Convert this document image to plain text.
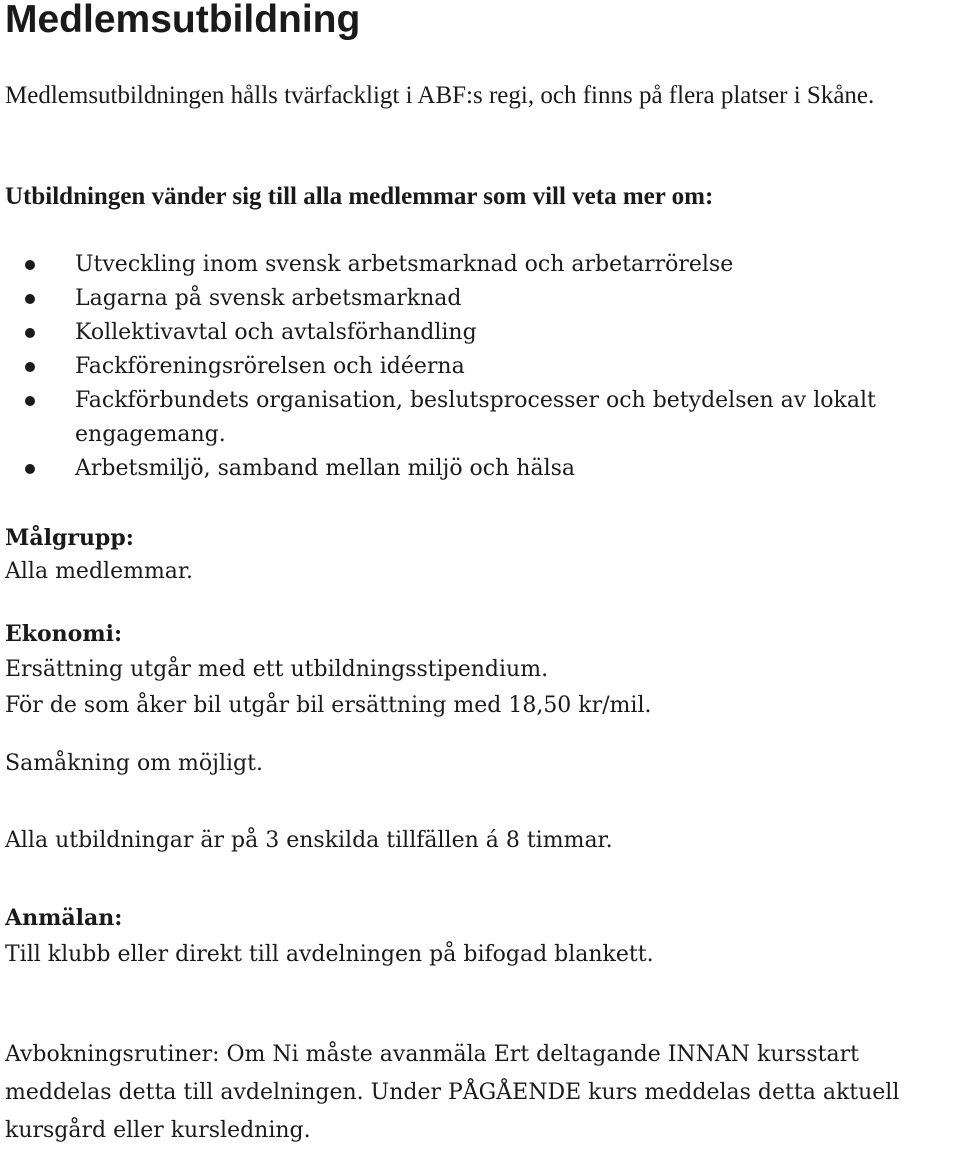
Medlemsutbildning

Medlemsutbildningen hålls tvärfackligt i ABF:s regi, och finns på flera platser i Skåne.

Utbildningen vänder sig till alla medlemmar som vill veta mer om:
Utveckling inom svensk arbetsmarknad och arbetarrörelse
Lagarna på svensk arbetsmarknad
Kollektivavtal och avtalsförhandling
Fackföreningsrörelsen och idéerna
Fackförbundets organisation, beslutsprocesser och betydelsen av lokalt engagemang.
Arbetsmiljö, samband mellan miljö och hälsa

Målgrupp:

Alla medlemmar.

Ekonomi:

Ersättning utgår med ett utbildningsstipendium.

För de som åker bil utgår bil ersättning med 18,50 kr/mil.

Samåkning om möjligt.

Alla utbildningar är på 3 enskilda tillfällen á 8 timmar.

Anmälan:

Till klubb eller direkt till avdelningen på bifogad blankett.

Avbokningsrutiner: Om Ni måste avanmäla Ert deltagande INNAN kursstart meddelas detta till avdelningen. Under PÅGÅENDE kurs meddelas detta aktuell kursgård eller kursledning.
